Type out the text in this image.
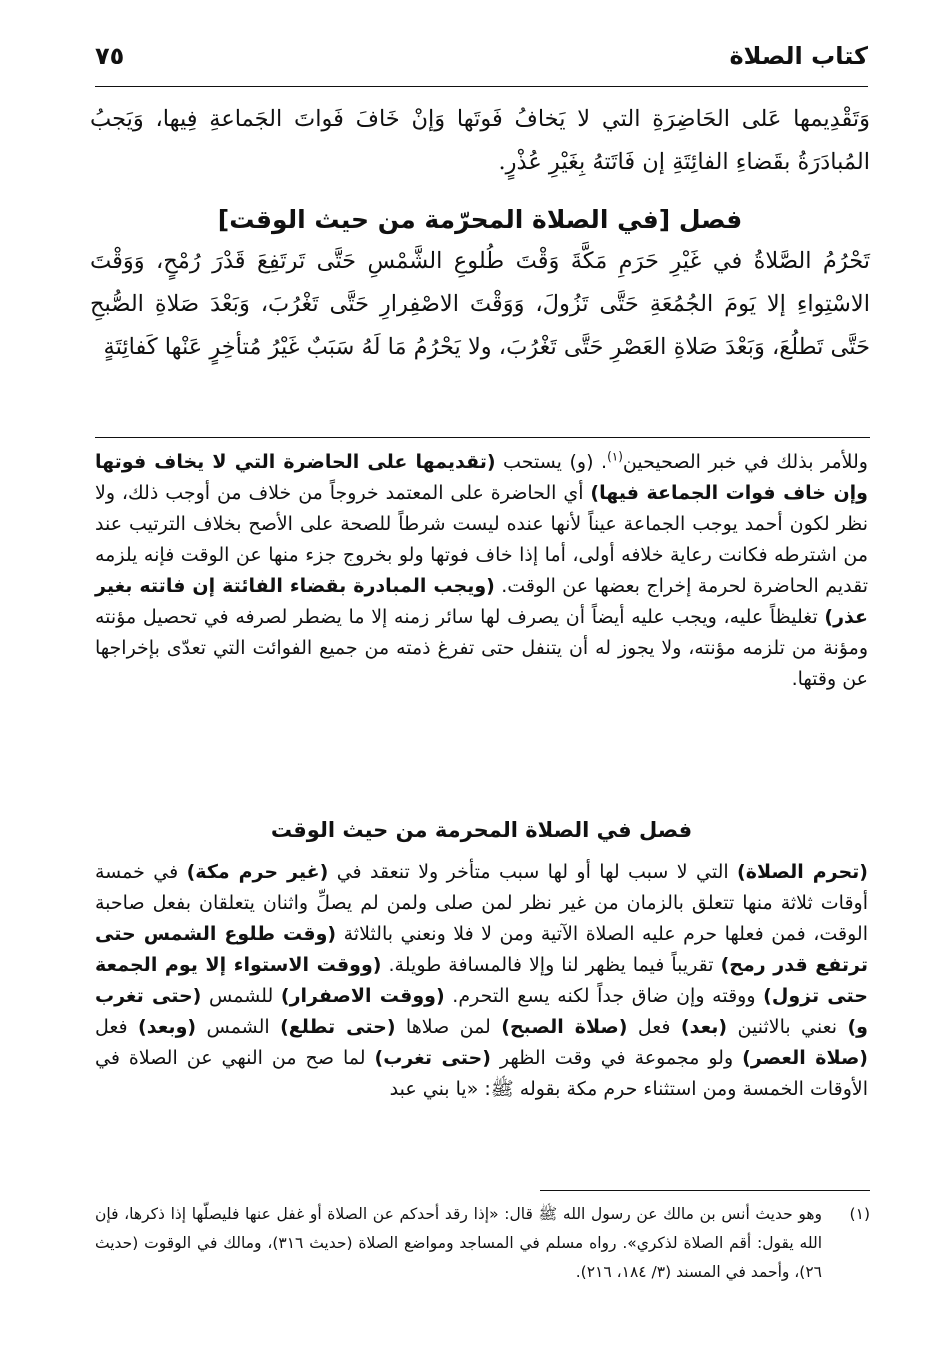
كتاب الصلاة
٧٥

وَتَقْدِيمها عَلى الحَاضِرَةِ التي لا يَخافُ فَوتَها وَإنْ خَافَ فَواتَ الجَماعةِ فِيها، وَيَجبُ المُبادَرَةُ بقَضاءِ الفائِتَةِ إن فَاتَتهُ بِغَيْرِ عُذْرٍ.

فصل [في الصلاة المحرّمة من حيث الوقت]

تَحْرُمُ الصَّلاةُ في غَيْرِ حَرَمِ مَكَّةَ وَقْتَ طُلوعِ الشَّمْسِ حَتَّى تَرتَفِعَ قَدْرَ رُمْحٍ، وَوَقْتَ الاسْتِواءِ إلا يَومَ الجُمُعَةِ حَتَّى تَزُولَ، وَوَقْتَ الاصْفِرارِ حَتَّى تَغْرُبَ، وَبَعْدَ صَلاةِ الصُّبحِ حَتَّى تَطلُعَ، وَبَعْدَ صَلاةِ العَصْرِ حَتَّى تَغْرُبَ، ولا يَحْرُمُ مَا لَهُ سَبَبٌ غَيْرُ مُتأخِرٍ عَنْها كَفائِتَةٍ

وللأمر بذلك في خبر الصحيحين$^{(١)}$. (و) يستحب (تقديمها على الحاضرة التي لا يخاف فوتها وإن خاف فوات الجماعة فيها) أي الحاضرة على المعتمد خروجاً من خلاف من أوجب ذلك، ولا نظر لكون أحمد يوجب الجماعة عيناً لأنها عنده ليست شرطاً للصحة على الأصح بخلاف الترتيب عند من اشترطه فكانت رعاية خلافه أولى، أما إذا خاف فوتها ولو بخروج جزء منها عن الوقت فإنه يلزمه تقديم الحاضرة لحرمة إخراج بعضها عن الوقت. (ويجب المبادرة بقضاء الفائتة إن فاتته بغير عذر) تغليظاً عليه، ويجب عليه أيضاً أن يصرف لها سائر زمنه إلا ما يضطر لصرفه في تحصيل مؤنته ومؤنة من تلزمه مؤنته، ولا يجوز له أن يتنفل حتى تفرغ ذمته من جميع الفوائت التي تعدّى بإخراجها عن وقتها.

فصل في الصلاة المحرمة من حيث الوقت

(تحرم الصلاة) التي لا سبب لها أو لها سبب متأخر ولا تنعقد في (غير حرم مكة) في خمسة أوقات ثلاثة منها تتعلق بالزمان من غير نظر لمن صلى ولمن لم يصلِّ واثنان يتعلقان بفعل صاحبة الوقت، فمن فعلها حرم عليه الصلاة الآتية ومن لا فلا ونعني بالثلاثة (وقت طلوع الشمس حتى ترتفع قدر رمح) تقريباً فيما يظهر لنا وإلا فالمسافة طويلة. (ووقت الاستواء إلا يوم الجمعة حتى تزول) ووقته وإن ضاق جداً لكنه يسع التحرم. (ووقت الاصفرار) للشمس (حتى تغرب و) نعني بالاثنين (بعد) فعل (صلاة الصبح) لمن صلاها (حتى تطلع) الشمس (وبعد) فعل (صلاة العصر) ولو مجموعة في وقت الظهر (حتى تغرب) لما صح من النهي عن الصلاة في الأوقات الخمسة ومن استثناء حرم مكة بقوله ﷺ: «يا بني عبد

(١)
وهو حديث أنس بن مالك عن رسول الله ﷺ قال: «إذا رقد أحدكم عن الصلاة أو غفل عنها فليصلّها إذا ذكرها، فإن الله يقول: أقم الصلاة لذكري». رواه مسلم في المساجد ومواضع الصلاة (حديث ٣١٦)، ومالك في الوقوت (حديث ٢٦)، وأحمد في المسند (٣/ ١٨٤، ٢١٦).
